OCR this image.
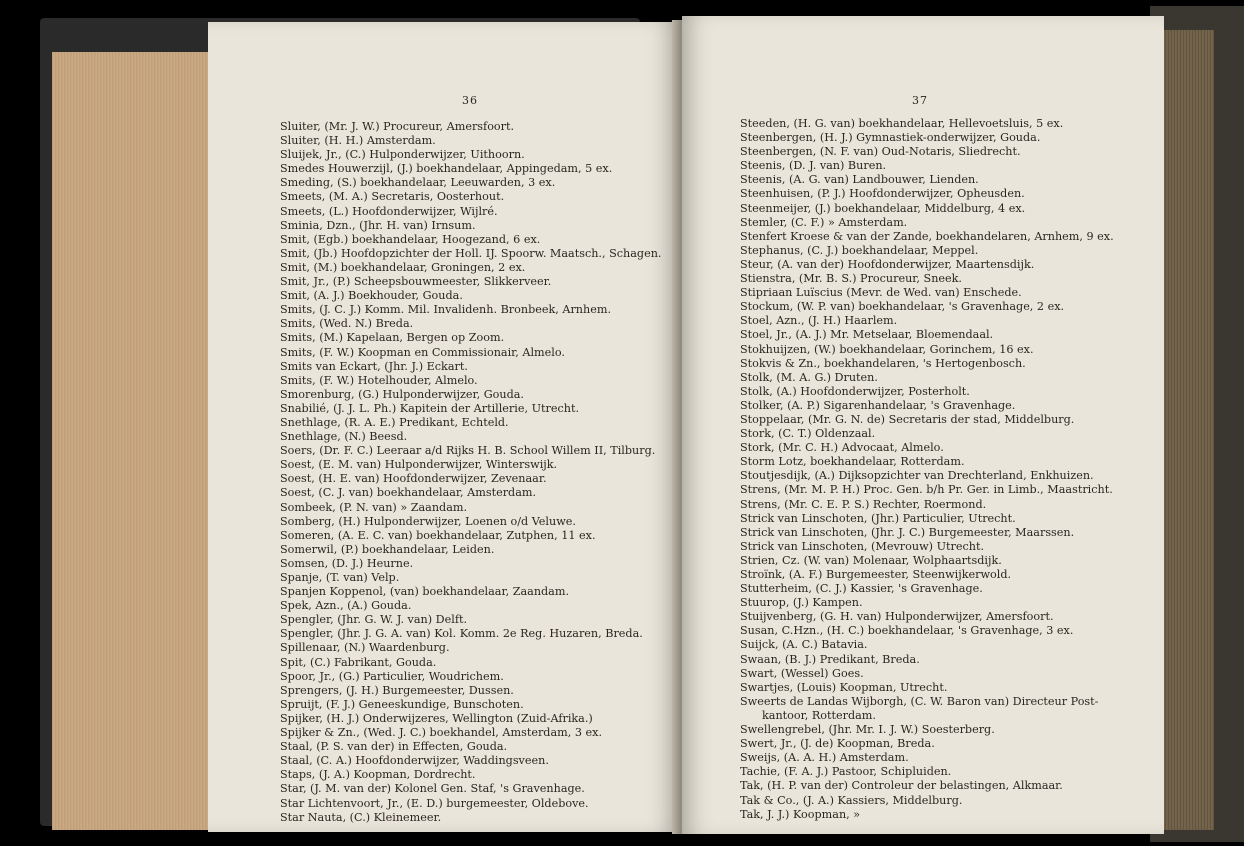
36
Sluiter, (Mr. J. W.) Procureur, Amersfoort.
Sluiter, (H. H.) Amsterdam.
Sluijek, Jr., (C.) Hulponderwijzer, Uithoorn.
Smedes Houwerzijl, (J.) boekhandelaar, Appingedam, 5 ex.
Smeding, (S.) boekhandelaar, Leeuwarden, 3 ex.
Smeets, (M. A.) Secretaris, Oosterhout.
Smeets, (L.) Hoofdonderwijzer, Wijlré.
Sminia, Dzn., (Jhr. H. van) Irnsum.
Smit, (Egb.) boekhandelaar, Hoogezand, 6 ex.
Smit, (Jb.) Hoofdopzichter der Holl. IJ. Spoorw. Maatsch., Schagen.
Smit, (M.) boekhandelaar, Groningen, 2 ex.
Smit, Jr., (P.) Scheepsbouwmeester, Slikkerveer.
Smit, (A. J.) Boekhouder, Gouda.
Smits, (J. C. J.) Komm. Mil. Invalidenh. Bronbeek, Arnhem.
Smits, (Wed. N.) Breda.
Smits, (M.) Kapelaan, Bergen op Zoom.
Smits, (F. W.) Koopman en Commissionair, Almelo.
Smits van Eckart, (Jhr. J.) Eckart.
Smits, (F. W.) Hotelhouder, Almelo.
Smorenburg, (G.) Hulponderwijzer, Gouda.
Snabilié, (J. J. L. Ph.) Kapitein der Artillerie, Utrecht.
Snethlage, (R. A. E.) Predikant, Echteld.
Snethlage, (N.) Beesd.
Soers, (Dr. F. C.) Leeraar a/d Rijks H. B. School Willem II, Tilburg.
Soest, (E. M. van) Hulponderwijzer, Winterswijk.
Soest, (H. E. van) Hoofdonderwijzer, Zevenaar.
Soest, (C. J. van) boekhandelaar, Amsterdam.
Sombeek, (P. N. van) » Zaandam.
Somberg, (H.) Hulponderwijzer, Loenen o/d Veluwe.
Someren, (A. E. C. van) boekhandelaar, Zutphen, 11 ex.
Somerwil, (P.) boekhandelaar, Leiden.
Somsen, (D. J.) Heurne.
Spanje, (T. van) Velp.
Spanjen Koppenol, (van) boekhandelaar, Zaandam.
Spek, Azn., (A.) Gouda.
Spengler, (Jhr. G. W. J. van) Delft.
Spengler, (Jhr. J. G. A. van) Kol. Komm. 2e Reg. Huzaren, Breda.
Spillenaar, (N.) Waardenburg.
Spit, (C.) Fabrikant, Gouda.
Spoor, Jr., (G.) Particulier, Woudrichem.
Sprengers, (J. H.) Burgemeester, Dussen.
Spruijt, (F. J.) Geneeskundige, Bunschoten.
Spijker, (H. J.) Onderwijzeres, Wellington (Zuid-Afrika.)
Spijker & Zn., (Wed. J. C.) boekhandel, Amsterdam, 3 ex.
Staal, (P. S. van der) in Effecten, Gouda.
Staal, (C. A.) Hoofdonderwijzer, Waddingsveen.
Staps, (J. A.) Koopman, Dordrecht.
Star, (J. M. van der) Kolonel Gen. Staf, 's Gravenhage.
Star Lichtenvoort, Jr., (E. D.) burgemeester, Oldebove.
Star Nauta, (C.) Kleinemeer.
37
Steeden, (H. G. van) boekhandelaar, Hellevoetsluis, 5 ex.
Steenbergen, (H. J.) Gymnastiek-onderwijzer, Gouda.
Steenbergen, (N. F. van) Oud-Notaris, Sliedrecht.
Steenis, (D. J. van) Buren.
Steenis, (A. G. van) Landbouwer, Lienden.
Steenhuisen, (P. J.) Hoofdonderwijzer, Opheusden.
Steenmeijer, (J.) boekhandelaar, Middelburg, 4 ex.
Stemler, (C. F.) » Amsterdam.
Stenfert Kroese & van der Zande, boekhandelaren, Arnhem, 9 ex.
Stephanus, (C. J.) boekhandelaar, Meppel.
Steur, (A. van der) Hoofdonderwijzer, Maartensdijk.
Stienstra, (Mr. B. S.) Procureur, Sneek.
Stipriaan Luïscius (Mevr. de Wed. van) Enschede.
Stockum, (W. P. van) boekhandelaar, 's Gravenhage, 2 ex.
Stoel, Azn., (J. H.) Haarlem.
Stoel, Jr., (A. J.) Mr. Metselaar, Bloemendaal.
Stokhuijzen, (W.) boekhandelaar, Gorinchem, 16 ex.
Stokvis & Zn., boekhandelaren, 's Hertogenbosch.
Stolk, (M. A. G.) Druten.
Stolk, (A.) Hoofdonderwijzer, Posterholt.
Stolker, (A. P.) Sigarenhandelaar, 's Gravenhage.
Stoppelaar, (Mr. G. N. de) Secretaris der stad, Middelburg.
Stork, (C. T.) Oldenzaal.
Stork, (Mr. C. H.) Advocaat, Almelo.
Storm Lotz, boekhandelaar, Rotterdam.
Stoutjesdijk, (A.) Dijksopzichter van Drechterland, Enkhuizen.
Strens, (Mr. M. P. H.) Proc. Gen. b/h Pr. Ger. in Limb., Maastricht.
Strens, (Mr. C. E. P. S.) Rechter, Roermond.
Strick van Linschoten, (Jhr.) Particulier, Utrecht.
Strick van Linschoten, (Jhr. J. C.) Burgemeester, Maarssen.
Strick van Linschoten, (Mevrouw) Utrecht.
Strien, Cz. (W. van) Molenaar, Wolphaartsdijk.
Stroïnk, (A. F.) Burgemeester, Steenwijkerwold.
Stutterheim, (C. J.) Kassier, 's Gravenhage.
Stuurop, (J.) Kampen.
Stuijvenberg, (G. H. van) Hulponderwijzer, Amersfoort.
Susan, C.Hzn., (H. C.) boekhandelaar, 's Gravenhage, 3 ex.
Suijck, (A. C.) Batavia.
Swaan, (B. J.) Predikant, Breda.
Swart, (Wessel) Goes.
Swartjes, (Louis) Koopman, Utrecht.
Sweerts de Landas Wijborgh, (C. W. Baron van) Directeur Post-
kantoor, Rotterdam.
Swellengrebel, (Jhr. Mr. I. J. W.) Soesterberg.
Swert, Jr., (J. de) Koopman, Breda.
Sweijs, (A. A. H.) Amsterdam.
Tachie, (F. A. J.) Pastoor, Schipluiden.
Tak, (H. P. van der) Controleur der belastingen, Alkmaar.
Tak & Co., (J. A.) Kassiers, Middelburg.
Tak, J. J.) Koopman, »
